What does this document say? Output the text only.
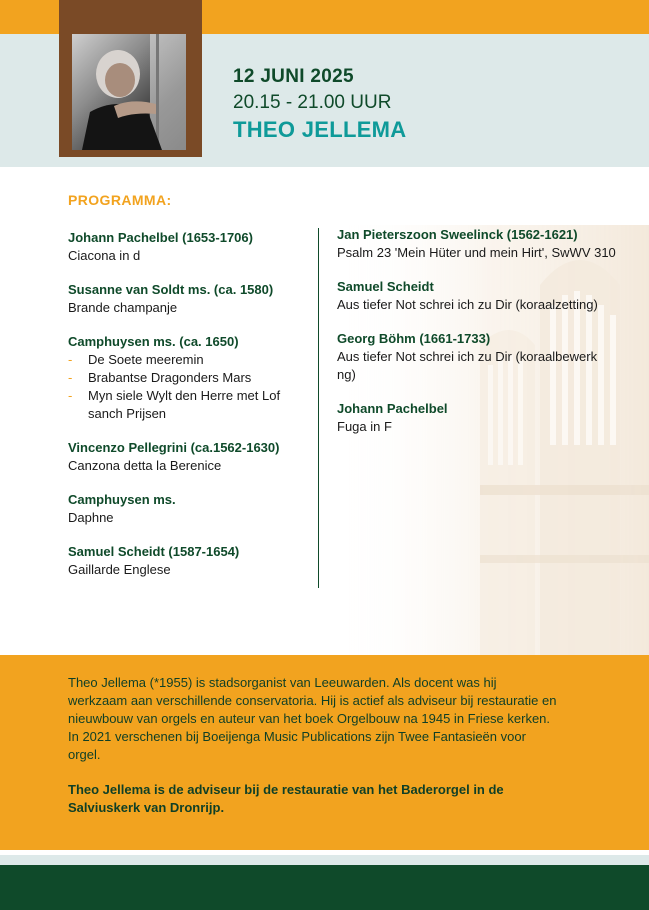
12 JUNI 2025
20.15 - 21.00 UUR
THEO JELLEMA
PROGRAMMA:
Johann Pachelbel (1653-1706)
Ciacona in d
Susanne van Soldt ms. (ca. 1580)
Brande champanje
Camphuysen ms. (ca. 1650)
- De Soete meeremin
- Brabantse Dragonders Mars
- Myn siele Wylt den Herre met Lof sanch Prijsen
Vincenzo Pellegrini (ca.1562-1630)
Canzona detta la Berenice
Camphuysen ms.
Daphne
Samuel Scheidt (1587-1654)
Gaillarde Englese
Jan Pieterszoon Sweelinck (1562-1621)
Psalm 23 'Mein Hüter und mein Hirt', SwWV 310
Samuel Scheidt
Aus tiefer Not schrei ich zu Dir (koraalzetting)
Georg Böhm (1661-1733)
Aus tiefer Not schrei ich zu Dir (koraalbewerk ng)
Johann Pachelbel
Fuga in F

Theo Jellema (*1955) is stadsorganist van Leeuwarden. Als docent was hij werkzaam aan verschillende conservatoria. Hij is actief als adviseur bij restauratie en nieuwbouw van orgels en auteur van het boek Orgelbouw na 1945 in Friese kerken. In 2021 verschenen bij Boeijenga Music Publications zijn Twee Fantasieën voor orgel.

Theo Jellema is de adviseur bij de restauratie van het Baderorgel in de Salviuskerk van Dronrijp.
